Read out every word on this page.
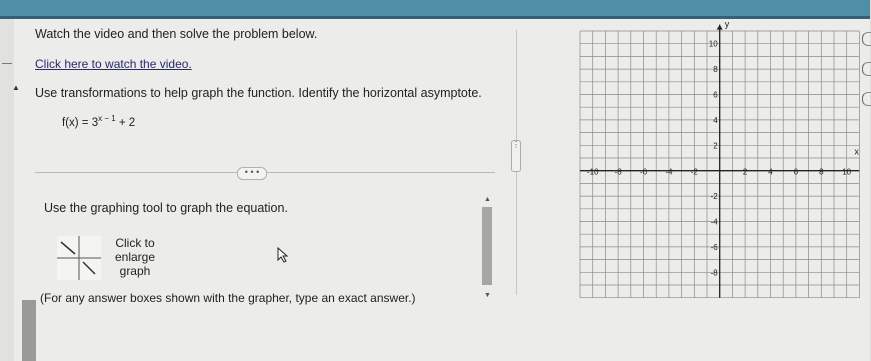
Watch the video and then solve the problem below.
Click here to watch the video.
▲ Use transformations to help graph the function. Identify the horizontal asymptote.
$f(x) = 3^{x - 1} + 2$
• • •
⋮
Use the graphing tool to graph the equation.
Click to
enlarge
graph
(For any answer boxes shown with the grapher, type an exact answer.)
▲
▼
-10 -8 -6 -4 -2	2	4	6	8 10
10
8
6
4
2
-2
-4
-6
-8
x
y
